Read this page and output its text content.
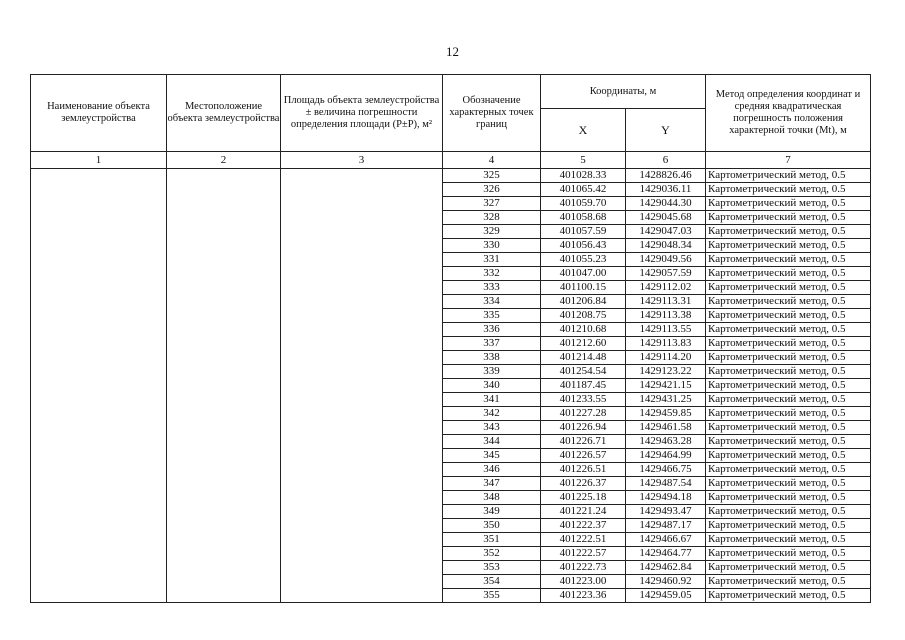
12
Наименование объекта землеустройства	Местоположение объекта землеустройства	Площадь объекта землеустройства ± величина погрешности определения площади (P±P), м²	Обозначение характерных точек границ	Координаты, м		Метод определения координат и средняя квадратическая погрешность положения характерной точки (Mt), м
				X	Y	
1	2	3	4	5	6	7
			325	401028.33	1428826.46	Картометрический метод, 0.5
			326	401065.42	1429036.11	Картометрический метод, 0.5
			327	401059.70	1429044.30	Картометрический метод, 0.5
			328	401058.68	1429045.68	Картометрический метод, 0.5
			329	401057.59	1429047.03	Картометрический метод, 0.5
			330	401056.43	1429048.34	Картометрический метод, 0.5
			331	401055.23	1429049.56	Картометрический метод, 0.5
			332	401047.00	1429057.59	Картометрический метод, 0.5
			333	401100.15	1429112.02	Картометрический метод, 0.5
			334	401206.84	1429113.31	Картометрический метод, 0.5
			335	401208.75	1429113.38	Картометрический метод, 0.5
			336	401210.68	1429113.55	Картометрический метод, 0.5
			337	401212.60	1429113.83	Картометрический метод, 0.5
			338	401214.48	1429114.20	Картометрический метод, 0.5
			339	401254.54	1429123.22	Картометрический метод, 0.5
			340	401187.45	1429421.15	Картометрический метод, 0.5
			341	401233.55	1429431.25	Картометрический метод, 0.5
			342	401227.28	1429459.85	Картометрический метод, 0.5
			343	401226.94	1429461.58	Картометрический метод, 0.5
			344	401226.71	1429463.28	Картометрический метод, 0.5
			345	401226.57	1429464.99	Картометрический метод, 0.5
			346	401226.51	1429466.75	Картометрический метод, 0.5
			347	401226.37	1429487.54	Картометрический метод, 0.5
			348	401225.18	1429494.18	Картометрический метод, 0.5
			349	401221.24	1429493.47	Картометрический метод, 0.5
			350	401222.37	1429487.17	Картометрический метод, 0.5
			351	401222.51	1429466.67	Картометрический метод, 0.5
			352	401222.57	1429464.77	Картометрический метод, 0.5
			353	401222.73	1429462.84	Картометрический метод, 0.5
			354	401223.00	1429460.92	Картометрический метод, 0.5
			355	401223.36	1429459.05	Картометрический метод, 0.5
